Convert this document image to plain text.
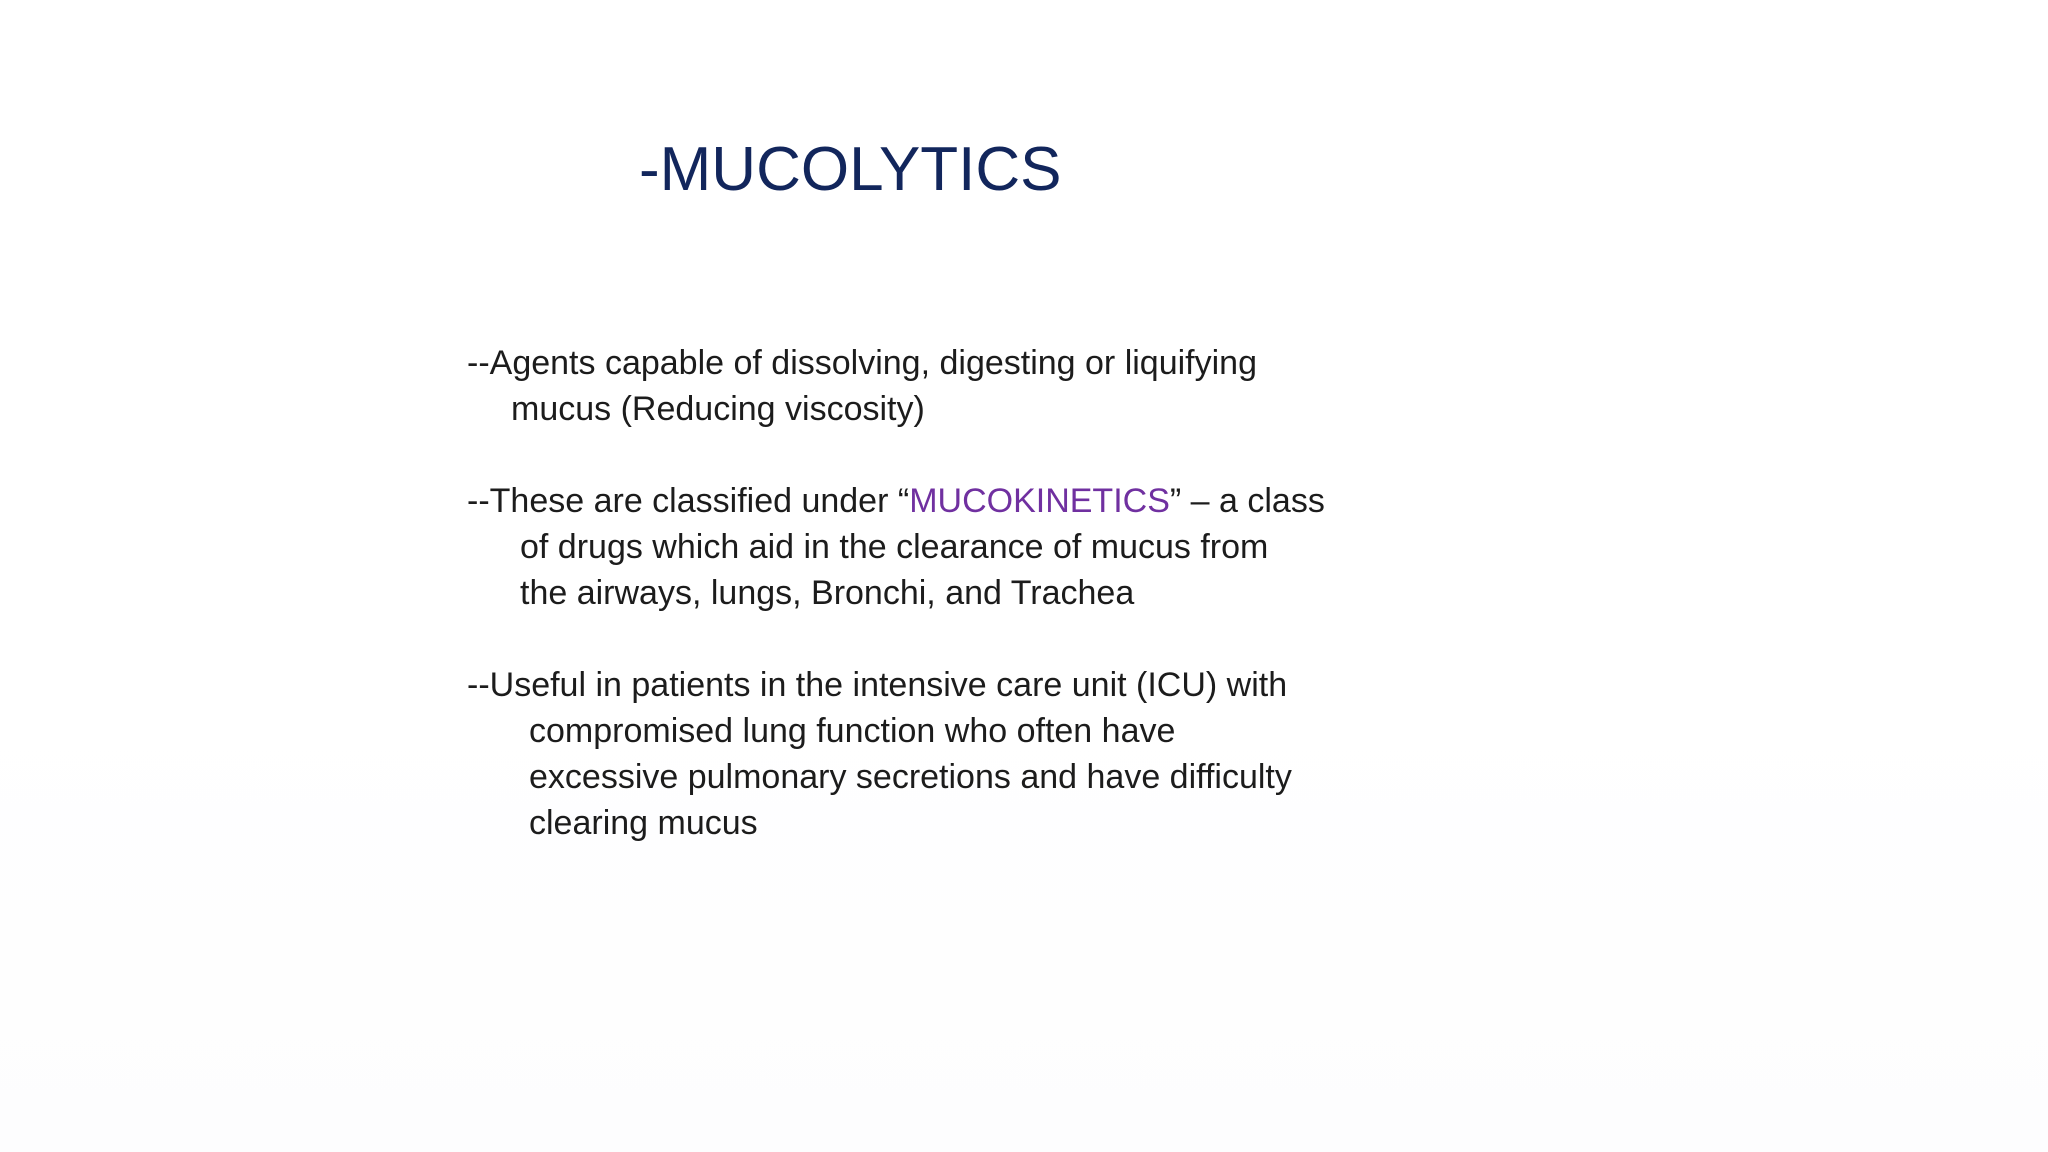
-MUCOLYTICS

--Agents capable of dissolving, digesting or liquifying
mucus (Reducing viscosity)

--These are classified under “MUCOKINETICS” – a class
of drugs which aid in the clearance of mucus from
the airways, lungs, Bronchi, and Trachea

--Useful in patients in the intensive care unit (ICU) with
compromised lung function who often have
excessive pulmonary secretions and have difficulty
clearing mucus
